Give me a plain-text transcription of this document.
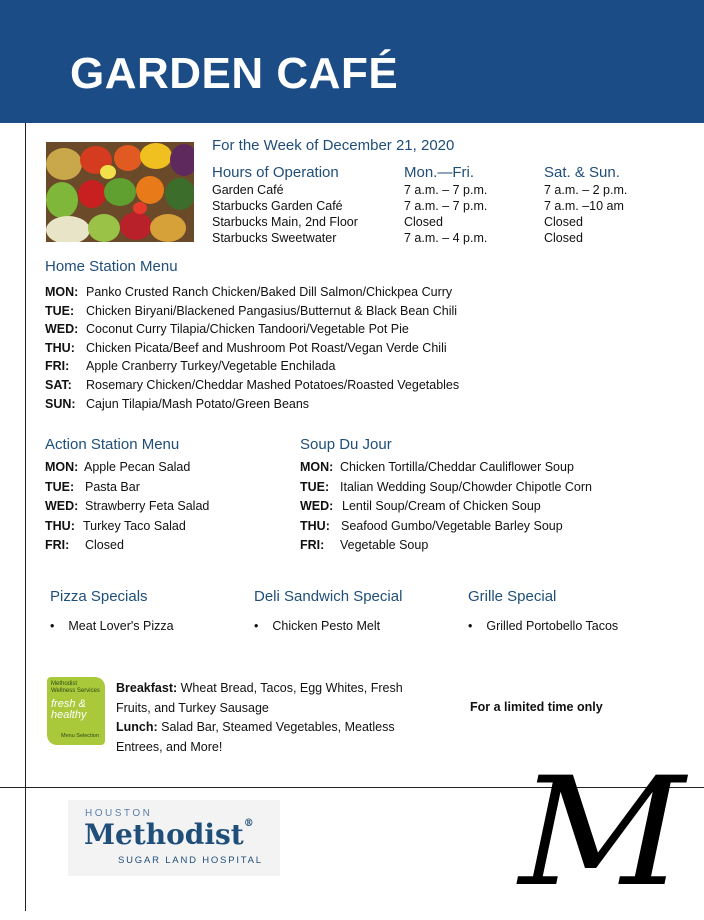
GARDEN CAFÉ
For the Week of December 21, 2020
Hours of Operation	Mon.—Fri.	Sat. & Sun.
Garden Café	7 a.m. – 7 p.m.	7 a.m. – 2 p.m.
Starbucks Garden Café	7 a.m. – 7 p.m.	7 a.m. –10 am
Starbucks Main, 2nd Floor	Closed	Closed
Starbucks Sweetwater	7 a.m. – 4 p.m.	Closed
Home Station Menu
MON: Panko Crusted Ranch Chicken/Baked Dill Salmon/Chickpea Curry
TUE: Chicken Biryani/Blackened Pangasius/Butternut & Black Bean Chili
WED: Coconut Curry Tilapia/Chicken Tandoori/Vegetable Pot Pie
THU: Chicken Picata/Beef and Mushroom Pot Roast/Vegan Verde Chili
FRI: Apple Cranberry Turkey/Vegetable Enchilada
SAT: Rosemary Chicken/Cheddar Mashed Potatoes/Roasted Vegetables
SUN: Cajun Tilapia/Mash Potato/Green Beans
Action Station Menu
MON: Apple Pecan Salad
TUE: Pasta Bar
WED: Strawberry Feta Salad
THU: Turkey Taco Salad
FRI: Closed
Soup Du Jour
MON: Chicken Tortilla/Cheddar Cauliflower Soup
TUE: Italian Wedding Soup/Chowder Chipotle Corn
WED: Lentil Soup/Cream of Chicken Soup
THU: Seafood Gumbo/Vegetable Barley Soup
FRI: Vegetable Soup
Pizza Specials
• Meat Lover's Pizza
Deli Sandwich Special
• Chicken Pesto Melt
Grille Special
• Grilled Portobello Tacos
Methodist Wellness Services
fresh & healthy
Menu Selection
Breakfast: Wheat Bread, Tacos, Egg Whites, Fresh Fruits, and Turkey Sausage
Lunch: Salad Bar, Steamed Vegetables, Meatless Entrees, and More!
For a limited time only
HOUSTON
Methodist®
SUGAR LAND HOSPITAL M
